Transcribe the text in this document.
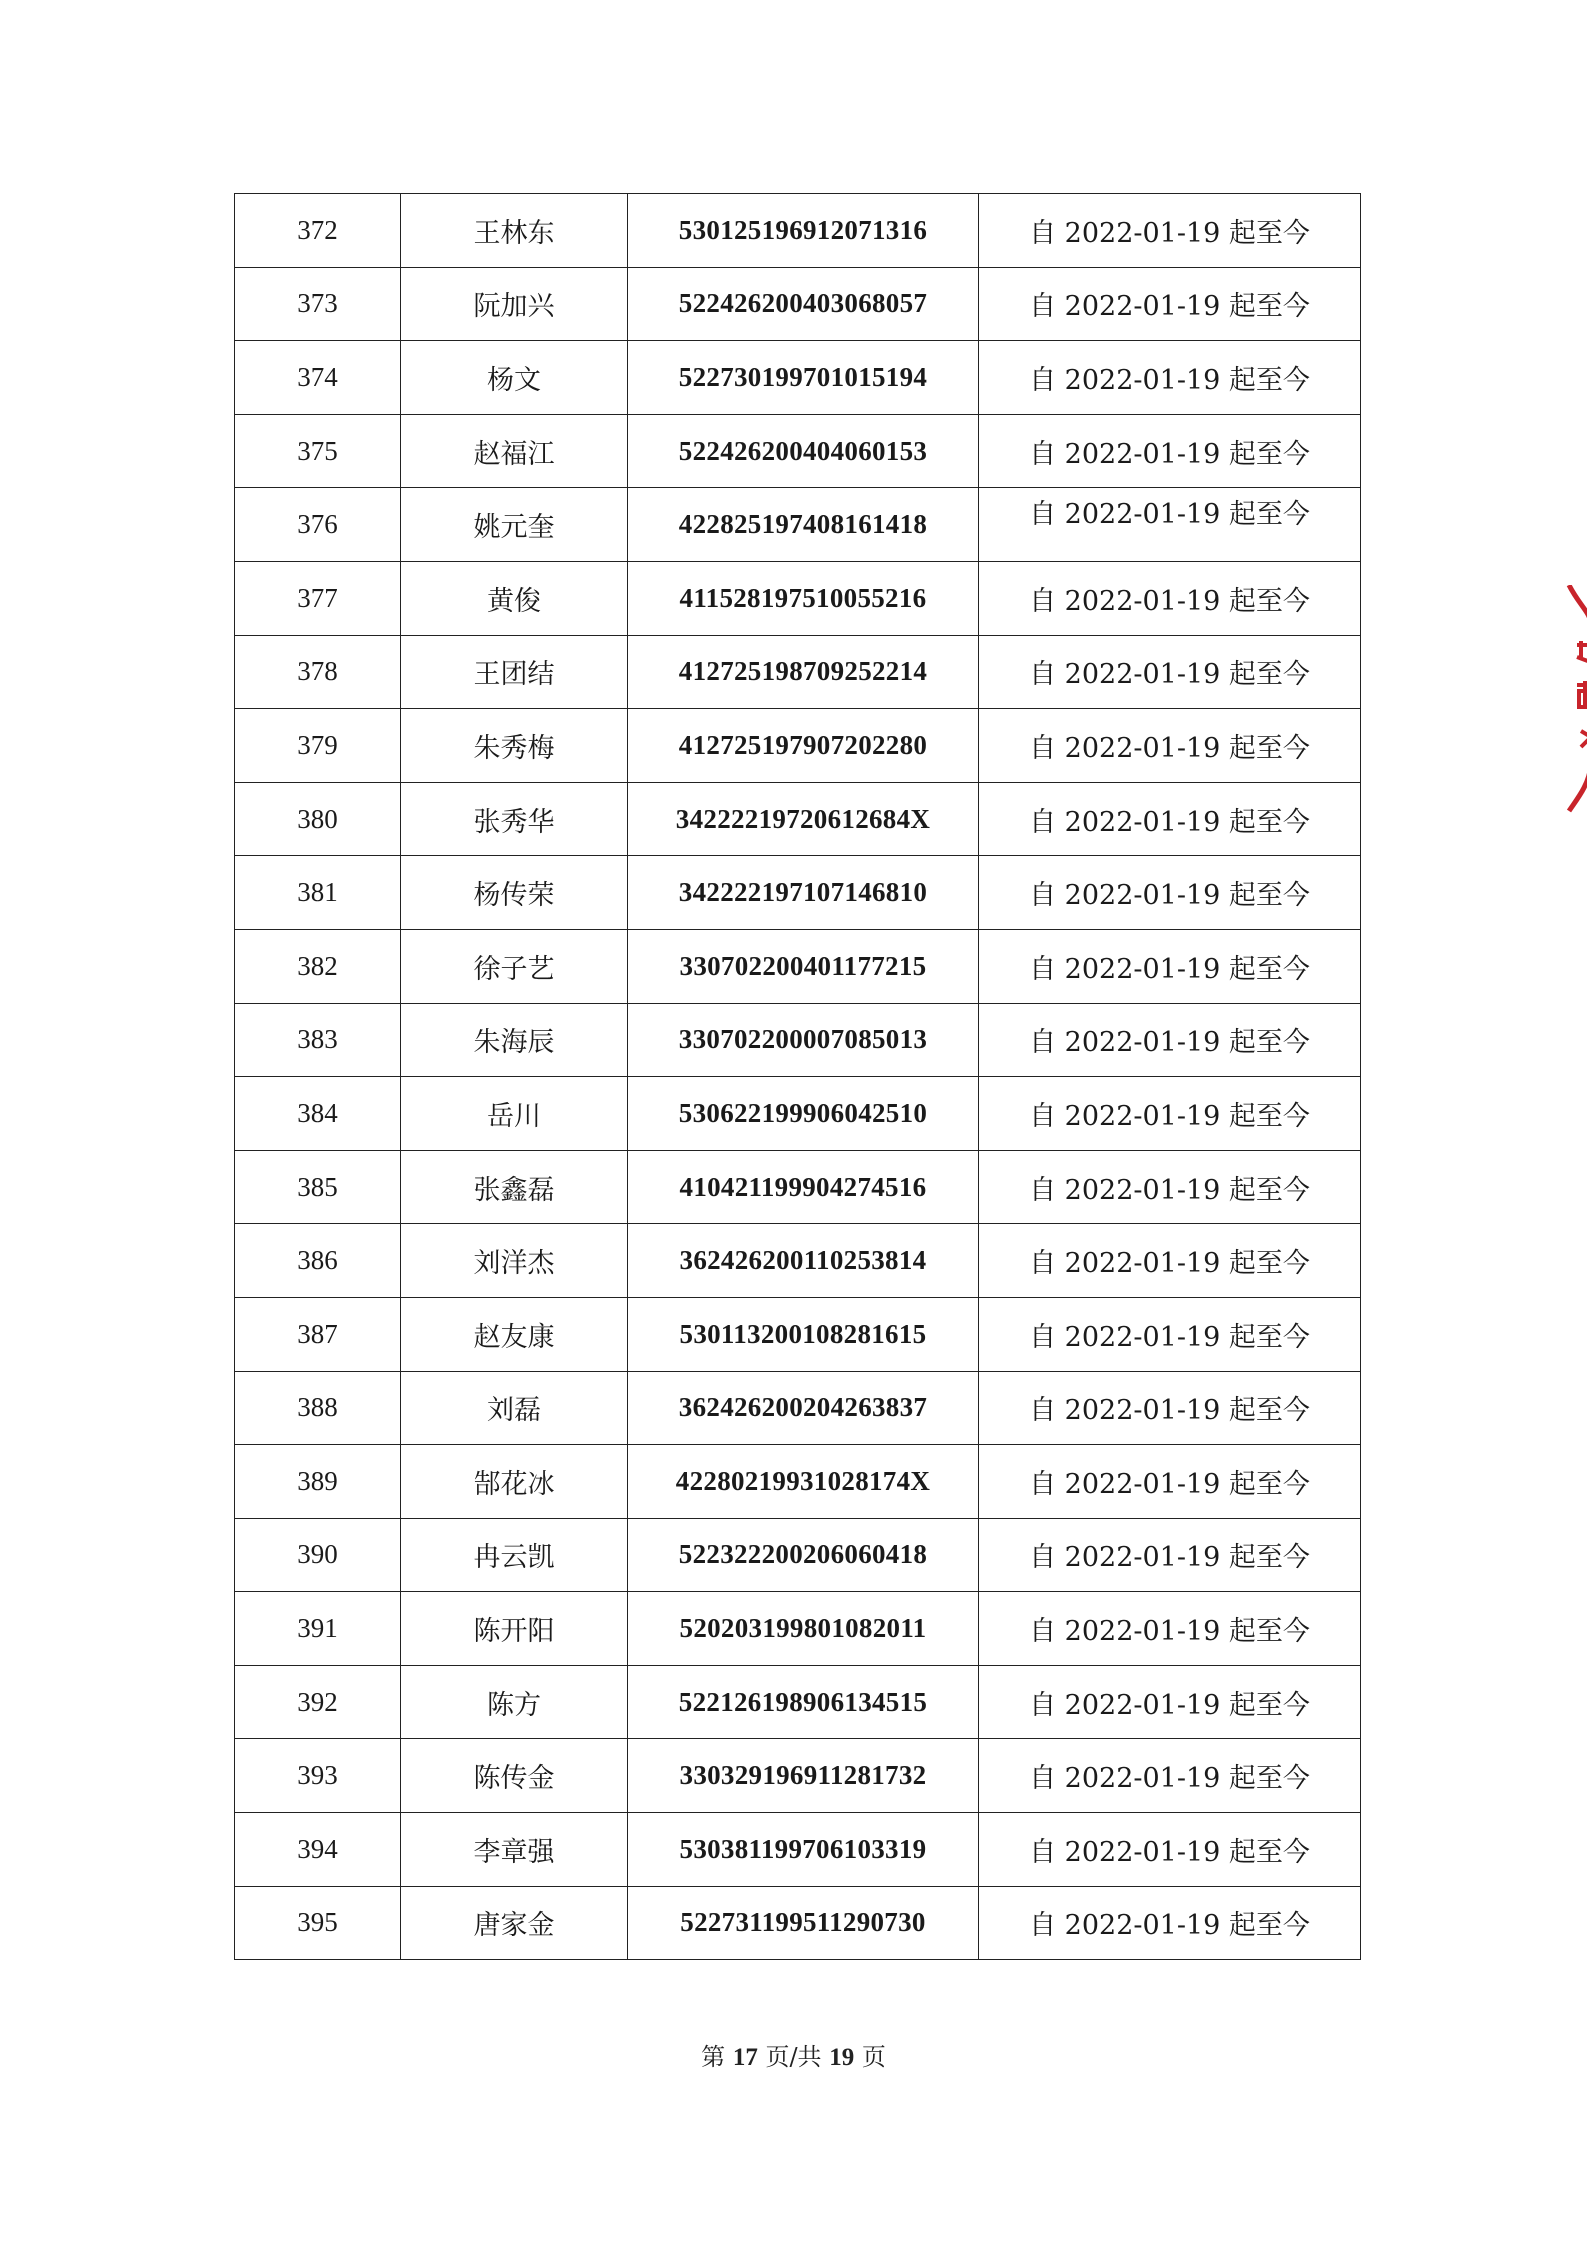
372	王林东	530125196912071316	自 2022-01-19 起至今
373	阮加兴	522426200403068057	自 2022-01-19 起至今
374	杨文	522730199701015194	自 2022-01-19 起至今
375	赵福江	522426200404060153	自 2022-01-19 起至今
376	姚元奎	422825197408161418	自 2022-01-19 起至今
377	黄俊	411528197510055216	自 2022-01-19 起至今
378	王团结	412725198709252214	自 2022-01-19 起至今
379	朱秀梅	412725197907202280	自 2022-01-19 起至今
380	张秀华	34222219720612684X	自 2022-01-19 起至今
381	杨传荣	342222197107146810	自 2022-01-19 起至今
382	徐子艺	330702200401177215	自 2022-01-19 起至今
383	朱海辰	330702200007085013	自 2022-01-19 起至今
384	岳川	530622199906042510	自 2022-01-19 起至今
385	张鑫磊	410421199904274516	自 2022-01-19 起至今
386	刘洋杰	362426200110253814	自 2022-01-19 起至今
387	赵友康	530113200108281615	自 2022-01-19 起至今
388	刘磊	362426200204263837	自 2022-01-19 起至今
389	郜花冰	42280219931028174X	自 2022-01-19 起至今
390	冉云凯	522322200206060418	自 2022-01-19 起至今
391	陈开阳	520203199801082011	自 2022-01-19 起至今
392	陈方	522126198906134515	自 2022-01-19 起至今
393	陈传金	330329196911281732	自 2022-01-19 起至今
394	李章强	530381199706103319	自 2022-01-19 起至今
395	唐家金	522731199511290730	自 2022-01-19 起至今
第 17 页/共 19 页
